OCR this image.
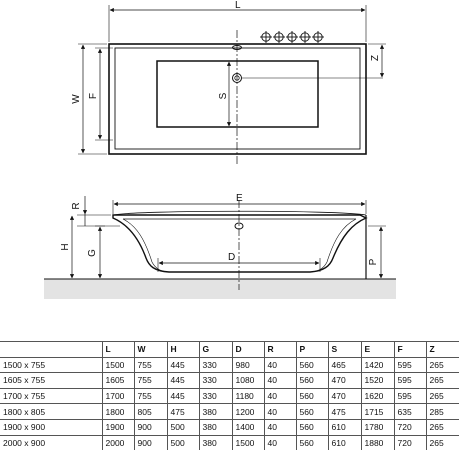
L
W F	S
Z
E
D
R
H
G
P
	L	W	H	G	D	R	P	S	E	F	Z
1500 x 755	1500	755	445	330	980	40	560	465	1420	595	265
1605 x 755	1605	755	445	330	1080	40	560	470	1520	595	265
1700 x 755	1700	755	445	330	1180	40	560	470	1620	595	265
1800 x 805	1800	805	475	380	1200	40	560	475	1715	635	285
1900 x 900	1900	900	500	380	1400	40	560	610	1780	720	265
2000 x 900	2000	900	500	380	1500	40	560	610	1880	720	265
